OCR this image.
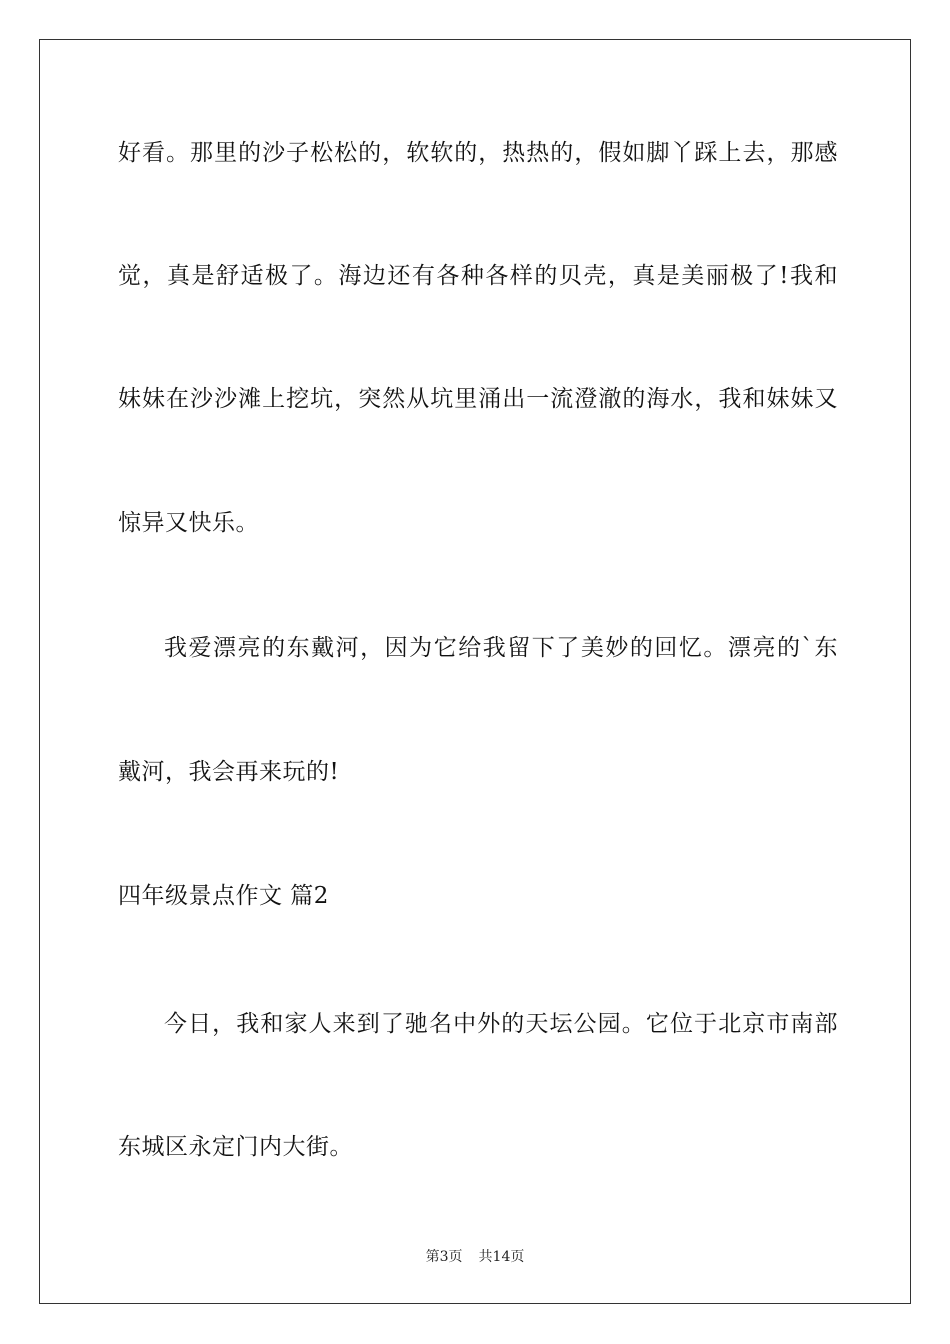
好看。那里的沙子松松的，软软的，热热的，假如脚丫踩上去，那感
觉，真是舒适极了。海边还有各种各样的贝壳，真是美丽极了!我和
妹妹在沙沙滩上挖坑，突然从坑里涌出一流澄澈的海水，我和妹妹又
惊异又快乐。
我爱漂亮的东戴河，因为它给我留下了美妙的回忆。漂亮的`东
戴河，我会再来玩的!
四年级景点作文 篇2
今日，我和家人来到了驰名中外的天坛公园。它位于北京市南部
东城区永定门内大街。
第3页 共14页
